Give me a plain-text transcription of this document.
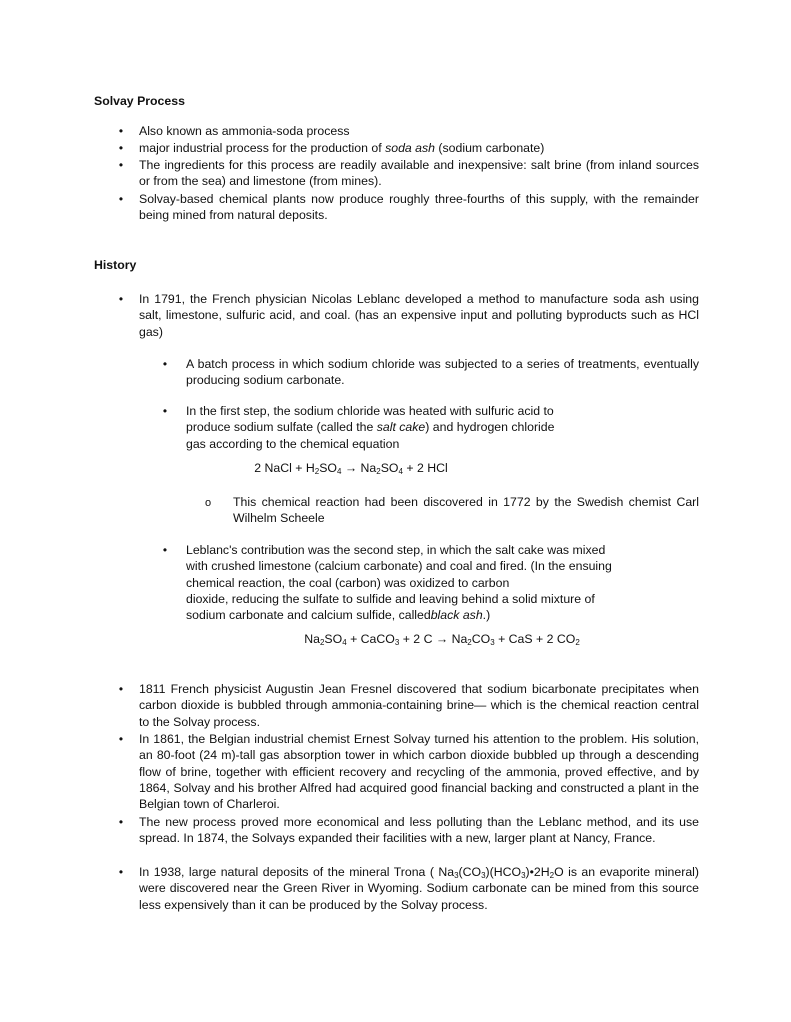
Solvay Process
• Also known as ammonia-soda process
• major industrial process for the production of soda ash (sodium carbonate)
• The ingredients for this process are readily available and inexpensive: salt brine (from inland sources or from the sea) and limestone (from mines).
• Solvay-based chemical plants now produce roughly three-fourths of this supply, with the remainder being mined from natural deposits.
History
• In 1791, the French physician Nicolas Leblanc developed a method to manufacture soda ash using salt, limestone, sulfuric acid, and coal. (has an expensive input and polluting byproducts such as HCl gas)
• A batch process in which sodium chloride was subjected to a series of treatments, eventually producing sodium carbonate.
• In the first step, the sodium chloride was heated with sulfuric acid to
produce sodium sulfate (called the salt cake) and hydrogen chloride
gas according to the chemical equation
2 NaCl + $H_2SO_4 \to Na_2SO_4 + 2$ HCl
o This chemical reaction had been discovered in 1772 by the Swedish chemist Carl Wilhelm Scheele
• Leblanc's contribution was the second step, in which the salt cake was mixed
with crushed limestone (calcium carbonate) and coal and fired. (In the ensuing
chemical reaction, the coal (carbon) was oxidized to carbon
dioxide, reducing the sulfate to sulfide and leaving behind a solid mixture of
sodium carbonate and calcium sulfide, calledblack ash.)
$Na_2SO_4$ + CaCO$_3$ + 2 $C \to Na_2CO_3$ + CaS + 2 $CO_2$
• 1811 French physicist Augustin Jean Fresnel discovered that sodium bicarbonate precipitates when carbon dioxide is bubbled through ammonia-containing brine— which is the chemical reaction central to the Solvay process.
• In 1861, the Belgian industrial chemist Ernest Solvay turned his attention to the problem. His solution, an 80-foot (24 m)-tall gas absorption tower in which carbon dioxide bubbled up through a descending flow of brine, together with efficient recovery and recycling of the ammonia, proved effective, and by 1864, Solvay and his brother Alfred had acquired good financial backing and constructed a plant in the Belgian town of Charleroi.
• The new process proved more economical and less polluting than the Leblanc method, and its use spread. In 1874, the Solvays expanded their facilities with a new, larger plant at Nancy, France.
• In 1938, large natural deposits of the mineral Trona ( $Na_3(CO_3)(HCO_3)•2H_2O$ is an evaporite mineral) were discovered near the Green River in Wyoming. Sodium carbonate can be mined from this source less expensively than it can be produced by the Solvay process.
